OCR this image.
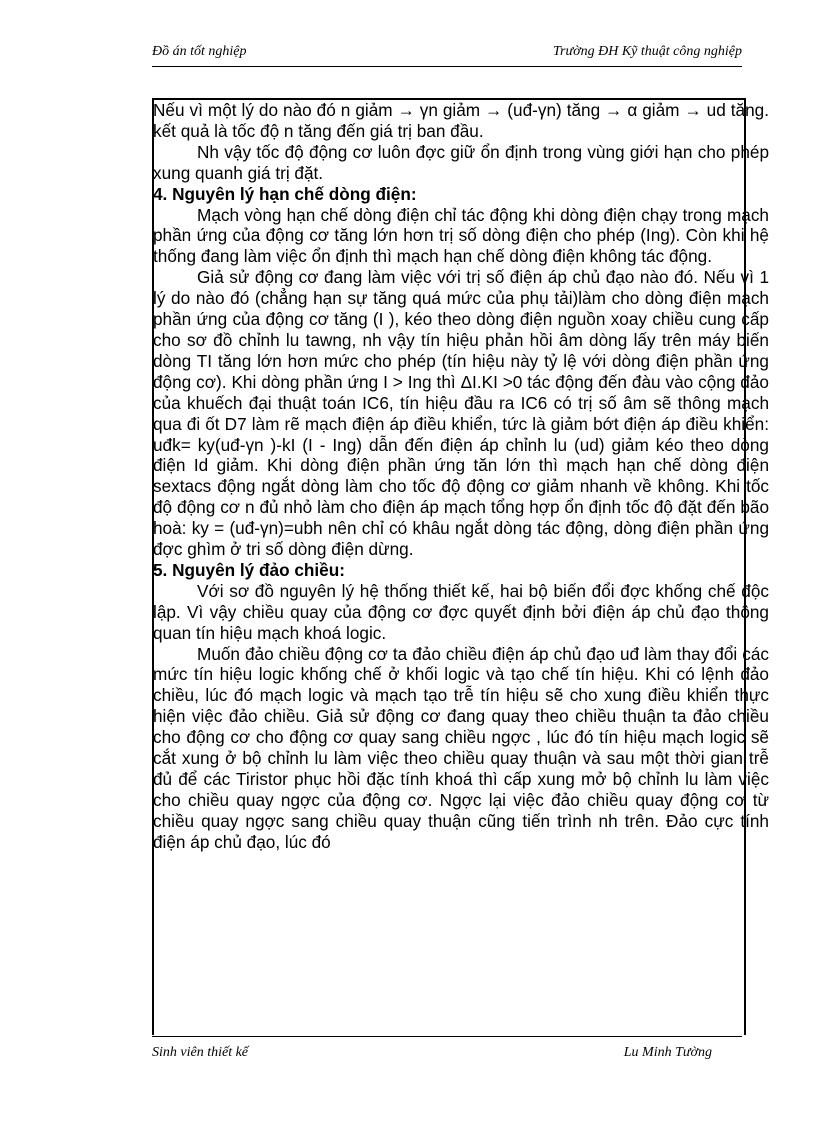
Đồ án tốt nghiệp	Trường ĐH Kỹ thuật công nghiệp

Nếu vì một lý do nào đó n giảm → γn giảm → (uđ-γn) tăng → α giảm → ud tăng. kết quả là tốc độ n tăng đến giá trị ban đầu.

Nh vậy tốc độ động cơ luôn đợc giữ ổn định trong vùng giới hạn cho phép xung quanh giá trị đặt.

4. Nguyên lý hạn chế dòng điện:

Mạch vòng hạn chế dòng điện chỉ tác động khi dòng điện chạy trong mạch phần ứng của động cơ tăng lớn hơn trị số dòng điện cho phép (Ing). Còn khi hệ thống đang làm việc ổn định thì mạch hạn chế dòng điện không tác động.

Giả sử động cơ đang làm việc với trị số điện áp chủ đạo nào đó. Nếu vì 1 lý do nào đó (chẳng hạn sự tăng quá mức của phụ tải)làm cho dòng điện mạch phần ứng của động cơ tăng (I ), kéo theo dòng điện nguồn xoay chiều cung cấp cho sơ đồ chỉnh lu tawng, nh vậy tín hiệu phản hồi âm dòng lấy trên máy biến dòng TI tăng lớn hơn mức cho phép (tín hiệu này tỷ lệ với dòng điện phần ứng động cơ). Khi dòng phần ứng I > Ing thì ΔI.KI >0 tác động đến đàu vào cộng đảo của khuếch đại thuật toán IC6, tín hiệu đầu ra IC6 có trị số âm sẽ thông mạch qua đi ốt D7 làm rẽ mạch điện áp điều khiển, tức là giảm bớt điện áp điều khiển: uđk= ky(uđ-γn )-kI (I - Ing) dẫn đến điện áp chỉnh lu (ud) giảm kéo theo dòng điện Id giảm. Khi dòng điện phần ứng tăn lớn thì mạch hạn chế dòng điện sextacs động ngắt dòng làm cho tốc độ động cơ giảm nhanh về không. Khi tốc độ động cơ n đủ nhỏ làm cho điện áp mạch tổng hợp ổn định tốc độ đặt đến bão hoà: ky = (uđ-γn)=ubh nên chỉ có khâu ngắt dòng tác động, dòng điện phần ứng đợc ghìm ở tri số dòng điện dừng.

5. Nguyên lý đảo chiều:

Với sơ đồ nguyên lý hệ thống thiết kế, hai bộ biến đổi đợc khống chế độc lập. Vì vậy chiều quay của động cơ đợc quyết định bởi điện áp chủ đạo thông quan tín hiệu mạch khoá logic.

Muốn đảo chiều động cơ ta đảo chiều điện áp chủ đạo uđ làm thay đổi các mức tín hiệu logic khống chế ở khối logic và tạo chế tín hiệu. Khi có lệnh đảo chiều, lúc đó mạch logic và mạch tạo trễ tín hiệu sẽ cho xung điều khiển thực hiện việc đảo chiều. Giả sử động cơ đang quay theo chiều thuận ta đảo chiều cho động cơ cho động cơ quay sang chiều ngợc , lúc đó tín hiệu mạch logic sẽ cắt xung ở bộ chỉnh lu làm việc theo chiều quay thuận và sau một thời gian trễ đủ để các Tiristor phục hồi đặc tính khoá thì cấp xung mở bộ chỉnh lu làm việc cho chiều quay ngợc của động cơ. Ngợc lại việc đảo chiều quay động cơ từ chiều quay ngợc sang chiều quay thuận cũng tiến trình nh trên. Đảo cực tính điện áp chủ đạo, lúc đó

Sinh viên thiết kế	Lu Minh Tường
